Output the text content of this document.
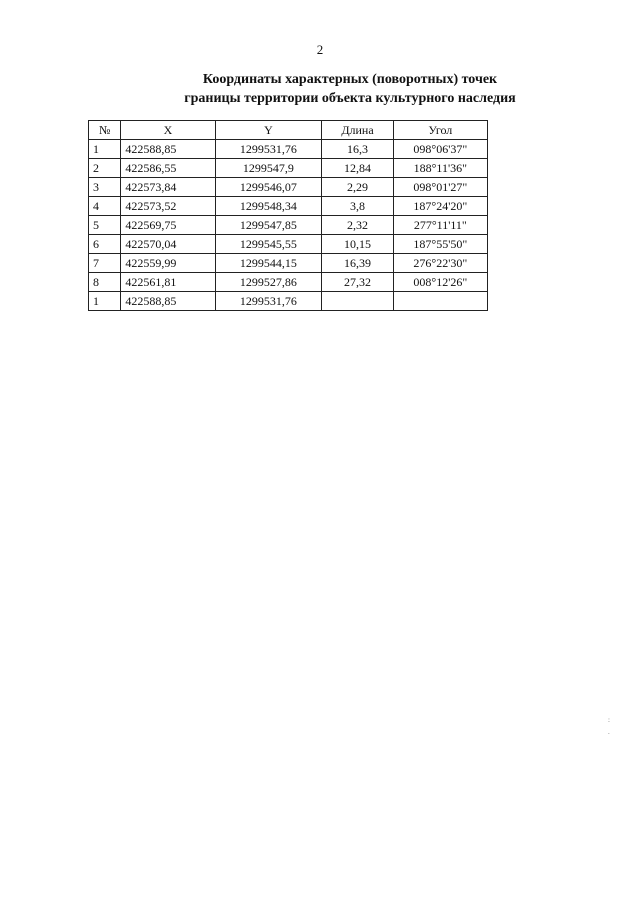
2
Координаты характерных (поворотных) точек
границы территории объекта культурного наследия
№	X	Y	Длина	Угол
1	422588,85	1299531,76	16,3	098°06'37"
2	422586,55	1299547,9	12,84	188°11'36"
3	422573,84	1299546,07	2,29	098°01'27"
4	422573,52	1299548,34	3,8	187°24'20"
5	422569,75	1299547,85	2,32	277°11'11"
6	422570,04	1299545,55	10,15	187°55'50"
7	422559,99	1299544,15	16,39	276°22'30"
8	422561,81	1299527,86	27,32	008°12'26"
1	422588,85	1299531,76		
:
.
